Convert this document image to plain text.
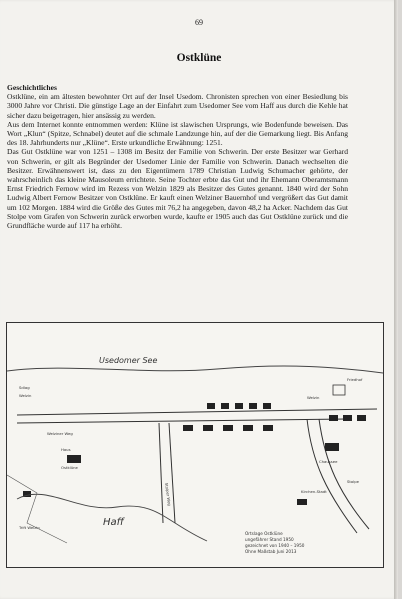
69
Ostklüne

Geschichtliches

Ostklüne, ein am ältesten bewohnter Ort auf der Insel Usedom. Chronisten sprechen von einer Besiedlung bis 3000 Jahre vor Christi. Die günstige Lage an der Einfahrt zum Usedomer See vom Haff aus durch die Kehle hat sicher dazu beigetragen, hier ansässig zu werden.

Aus dem Internet konnte entnommen werden: Klüne ist slawischen Ursprungs, wie Bodenfunde beweisen. Das Wort „Klun“ (Spitze, Schnabel) deutet auf die schmale Landzunge hin, auf der die Gemarkung liegt. Bis Anfang des 18. Jahrhunderts nur „Klüne“. Erste urkundliche Erwähnung: 1251.

Das Gut Ostklüne war von 1251 – 1308 im Besitz der Familie von Schwerin. Der erste Besitzer war Gerhard von Schwerin, er gilt als Begründer der Usedomer Linie der Familie von Schwerin. Danach wechselten die Besitzer. Erwähnenswert ist, dass zu den Eigentümern 1789 Christian Ludwig Schumacher gehörte, der wahrscheinlich das kleine Mausoleum errichtete. Seine Tochter erbte das Gut und ihr Ehemann Oberamtsmann Ernst Friedrich Fernow wird im Rezess von Welzin 1829 als Besitzer des Gutes genannt. 1840 wird der Sohn Ludwig Albert Fernow Besitzer von Ostklüne. Er kauft einen Welziner Bauernhof und vergrößert das Gut damit um 102 Morgen. 1884 wird die Größe des Gutes mit 76,2 ha angegeben, davon 48,2 ha Acker. Nachdem das Gut Stolpe vom Grafen von Schwerin zurück erworben wurde, kaufte er 1905 auch das Gut Ostklüne zurück und die Grundfläche wurde auf 117 ha erhöht.

Usedomer See
Friedhof
Welzin
Sdlag
Chaussee
Kirchen-Stadt
Stolpe
Welzin
Haus
Ostklüne
Trift Welzin
Welziner Weg
Stolper Weg
Haff
Ortslage Ostklüne
ungefährer Stand 1950
gezeichnet von 1940 – 1950
Ohne Maßstab Juni 2013
